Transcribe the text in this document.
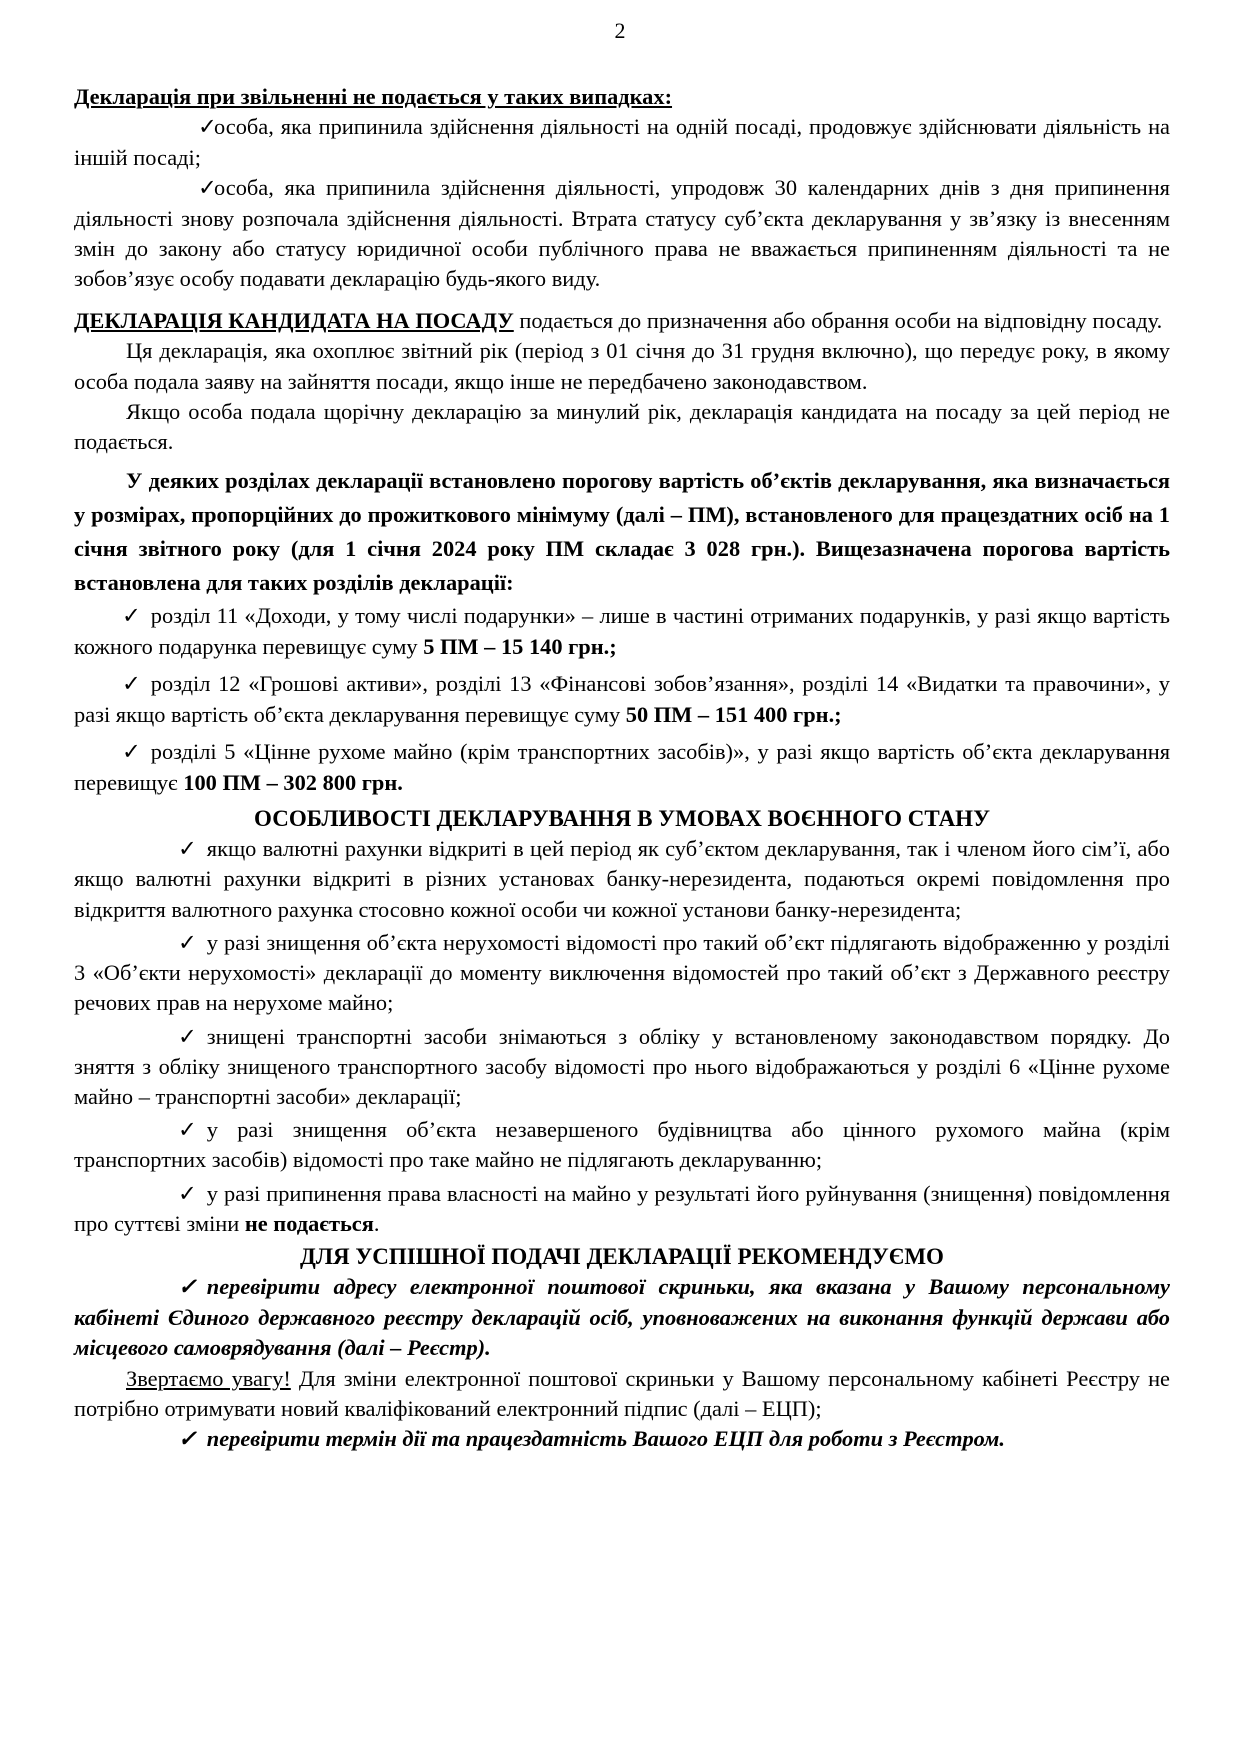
2

Декларація при звільненні не подається у таких випадках:

✓особа, яка припинила здійснення діяльності на одній посаді, продовжує здійснювати діяльність на іншій посаді;

✓особа, яка припинила здійснення діяльності, упродовж 30 календарних днів з дня припинення діяльності знову розпочала здійснення діяльності. Втрата статусу суб’єкта декларування у зв’язку із внесенням змін до закону або статусу юридичної особи публічного права не вважається припиненням діяльності та не зобов’язує особу подавати декларацію будь-якого виду.

ДЕКЛАРАЦІЯ КАНДИДАТА НА ПОСАДУ подається до призначення або обрання особи на відповідну посаду.

Ця декларація, яка охоплює звітний рік (період з 01 січня до 31 грудня включно), що передує року, в якому особа подала заяву на зайняття посади, якщо інше не передбачено законодавством.

Якщо особа подала щорічну декларацію за минулий рік, декларація кандидата на посаду за цей період не подається.

У деяких розділах декларації встановлено порогову вартість об’єктів декларування, яка визначається у розмірах, пропорційних до прожиткового мінімуму (далі – ПМ), встановленого для працездатних осіб на 1 січня звітного року (для 1 січня 2024 року ПМ складає 3 028 грн.). Вищезазначена порогова вартість встановлена для таких розділів декларації:

✓ розділ 11 «Доходи, у тому числі подарунки» – лише в частині отриманих подарунків, у разі якщо вартість кожного подарунка перевищує суму 5 ПМ – 15 140 грн.;

✓ розділ 12 «Грошові активи», розділі 13 «Фінансові зобов’язання», розділі 14 «Видатки та правочини», у разі якщо вартість об’єкта декларування перевищує суму 50 ПМ – 151 400 грн.;

✓ розділі 5 «Цінне рухоме майно (крім транспортних засобів)», у разі якщо вартість об’єкта декларування перевищує 100 ПМ – 302 800 грн.

ОСОБЛИВОСТІ ДЕКЛАРУВАННЯ В УМОВАХ ВОЄННОГО СТАНУ

✓ якщо валютні рахунки відкриті в цей період як суб’єктом декларування, так і членом його сім’ї, або якщо валютні рахунки відкриті в різних установах банку-нерезидента, подаються окремі повідомлення про відкриття валютного рахунка стосовно кожної особи чи кожної установи банку-нерезидента;

✓ у разі знищення об’єкта нерухомості відомості про такий об’єкт підлягають відображенню у розділі 3 «Об’єкти нерухомості» декларації до моменту виключення відомостей про такий об’єкт з Державного реєстру речових прав на нерухоме майно;

✓ знищені транспортні засоби знімаються з обліку у встановленому законодавством порядку. До зняття з обліку знищеного транспортного засобу відомості про нього відображаються у розділі 6 «Цінне рухоме майно – транспортні засоби» декларації;

✓ у разі знищення об’єкта незавершеного будівництва або цінного рухомого майна (крім транспортних засобів) відомості про таке майно не підлягають декларуванню;

✓ у разі припинення права власності на майно у результаті його руйнування (знищення) повідомлення про суттєві зміни не подається.

ДЛЯ УСПІШНОЇ ПОДАЧІ ДЕКЛАРАЦІЇ РЕКОМЕНДУЄМО

✓ перевірити адресу електронної поштової скриньки, яка вказана у Вашому персональному кабінеті Єдиного державного реєстру декларацій осіб, уповноважених на виконання функцій держави або місцевого самоврядування (далі – Реєстр).

Звертаємо увагу! Для зміни електронної поштової скриньки у Вашому персональному кабінеті Реєстру не потрібно отримувати новий кваліфікований електронний підпис (далі – ЕЦП);

✓ перевірити термін дії та працездатність Вашого ЕЦП для роботи з Реєстром.
